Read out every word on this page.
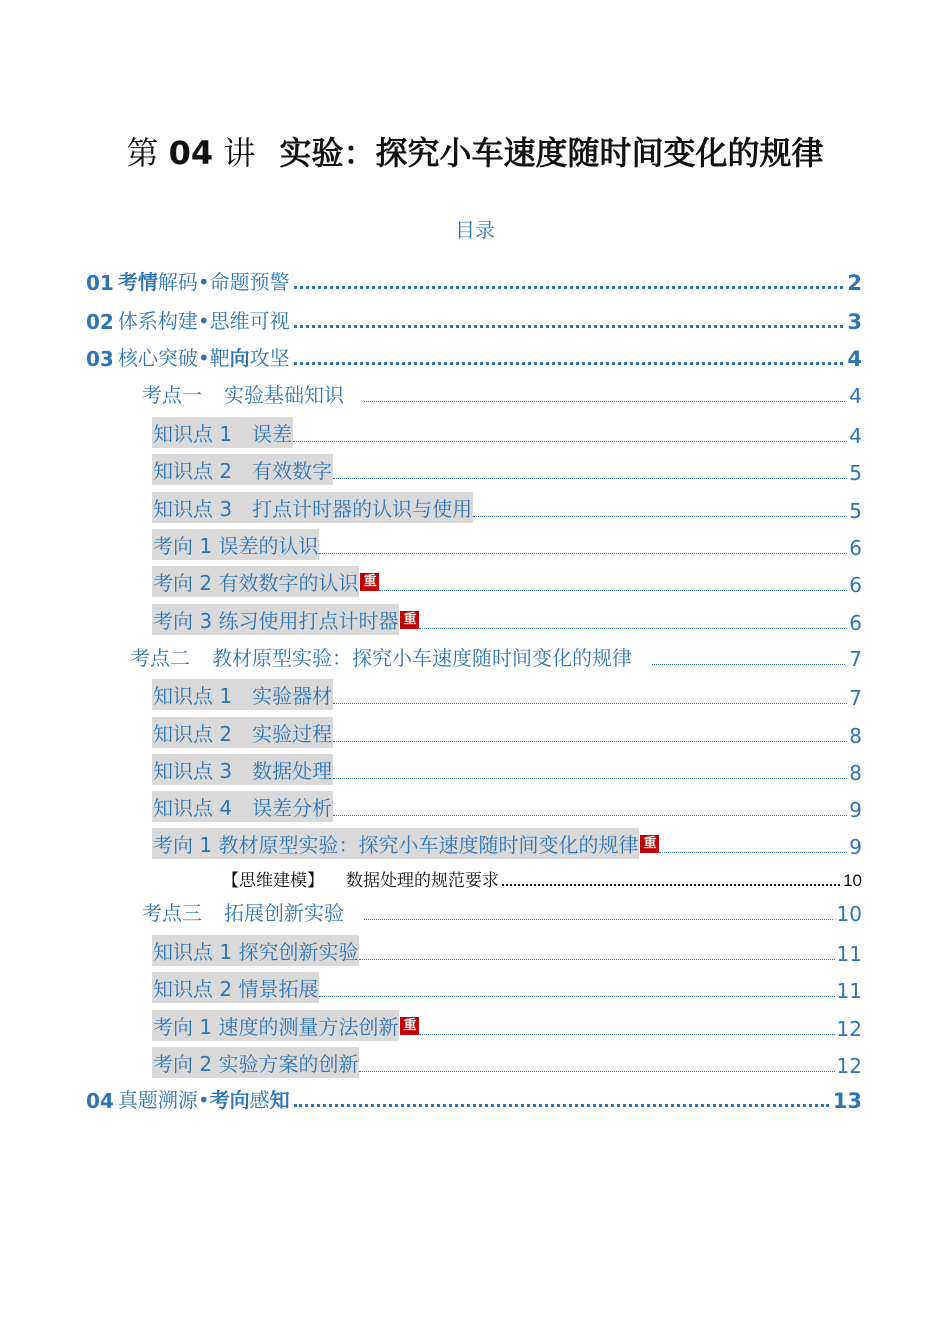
第 04 讲 实验：探究小车速度随时间变化的规律
目录
01 考情 解码•命题预警	2
02 体系构建•思维可视	3
03 核心突破•靶 向 攻坚	4
考点一 实验基础知识	4
知识点 1　误差	4
知识点 2　有效数字	5
知识点 3　打点计时器的认识与使用	5
考向 1 误差的认识	6
考向 2 有效数字的认识 重	6
考向 3 练习使用打点计时器 重	6
考点二 教材原型实验：探究小车速度随时间变化的规律	7
知识点 1　实验器材	7
知识点 2　实验过程	8
知识点 3　数据处理	8
知识点 4　误差分析	9
考向 1 教材原型实验：探究小车速度随时间变化的规律 重	9
【思维建模】 数据处理的规范要求	10
考点三 拓展创新实验	10
知识点 1 探究创新实验	11
知识点 2 情景拓展	11
考向 1 速度的测量方法创新 重	12
考向 2 实验方案的创新	12
04 真题溯源• 考向 感 知	13
